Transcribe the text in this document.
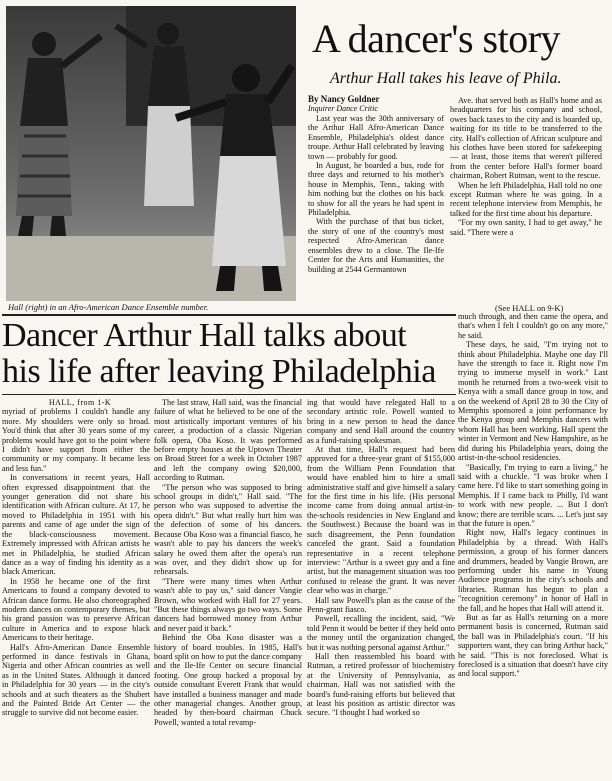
Hall (right) in an Afro-American Dance Ensemble number.
A dancer's story
Arthur Hall takes his leave of Phila.
By Nancy Goldner
Inquirer Dance Critic

Last year was the 30th anniversary of the Arthur Hall Afro-American Dance Ensemble, Philadelphia's oldest dance troupe. Arthur Hall celebrated by leaving town — probably for good.

In August, he boarded a bus, rode for three days and returned to his mother's house in Memphis, Tenn., taking with him nothing but the clothes on his back to show for all the years he had spent in Philadelphia.

With the purchase of that bus ticket, the story of one of the country's most respected Afro-American dance ensembles drew to a close. The Ile-Ife Center for the Arts and Humanities, the building at 2544 Germantown

Ave. that served both as Hall's home and as headquarters for his company and school, owes back taxes to the city and is boarded up, waiting for its title to be transferred to the city. Hall's collection of African sculpture and his clothes have been stored for safekeeping — at least, those items that weren't pilfered from the center before Hall's former board chairman, Robert Rutman, went to the rescue.

When he left Philadelphia, Hall told no one except Rutman where he was going. In a recent telephone interview from Memphis, he talked for the first time about his departure.

"For my own sanity, I had to get away," he said. "There were a

(See HALL on 9-K)
Dancer Arthur Hall talks about his life after leaving Philadelphia

HALL, from 1-K

myriad of problems I couldn't handle any more. My shoulders were only so broad. You'd think that after 30 years some of my problems would have got to the point where I didn't have support from either the community or my company. It became less and less fun."

In conversations in recent years, Hall often expressed disappointment that the younger generation did not share his identification with African culture. At 17, he moved to Philadelphia in 1951 with his parents and came of age under the sign of the black-consciousness movement. Extremely impressed with African artists he met in Philadelphia, he studied African dance as a way of finding his identity as a black American.

In 1958 he became one of the first Americans to found a company devoted to African dance forms. He also choreographed modern dances on contemporary themes, but his grand passion was to preserve African culture in America and to expose black Americans to their heritage.

Hall's Afro-American Dance Ensemble performed in dance festivals in Ghana, Nigeria and other African countries as well as in the United States. Although it danced in Philadelphia for 30 years — in the city's schools and at such theaters as the Shubert and the Painted Bride Art Center — the struggle to survive did not become easier.

The last straw, Hall said, was the financial failure of what he believed to be one of the most artistically important ventures of his career, a production of a classic Nigerian folk opera, Oba Koso. It was performed before empty houses at the Uptown Theater on Broad Street for a week in October 1987 and left the company owing $20,000, according to Rutman.

"The person who was supposed to bring school groups in didn't," Hall said. "The person who was supposed to advertise the opera didn't." But what really hurt him was the defection of some of his dancers. Because Oba Koso was a financial fiasco, he wasn't able to pay his dancers the week's salary he owed them after the opera's run was over, and they didn't show up for rehearsals.

"There were many times when Arthur wasn't able to pay us," said dancer Vangie Brown, who worked with Hall for 27 years. "But these things always go two ways. Some dancers had borrowed money from Arthur and never paid it back."

Behind the Oba Koso disaster was a history of board troubles. In 1985, Hall's board split on how to put the dance company and the Ile-Ife Center on secure financial footing. One group backed a proposal by outside consultant Everett Frank that would have installed a business manager and made other managerial changes. Another group, headed by then-board chairman Chuck Powell, wanted a total revamp-

ing that would have relegated Hall to a secondary artistic role. Powell wanted to bring in a new person to head the dance company and send Hall around the country as a fund-raising spokesman.

At that time, Hall's request had been approved for a three-year grant of $155,000 from the William Penn Foundation that would have enabled him to hire a small administrative staff and give himself a salary for the first time in his life. (His personal income came from doing annual artist-in-the-schools residencies in New England and the Southwest.) Because the board was in such disagreement, the Penn foundation canceled the grant. Said a foundation representative in a recent telephone interview: "Arthur is a sweet guy and a fine artist, but the management situation was too confused to release the grant. It was never clear who was in charge."

Hall saw Powell's plan as the cause of the Penn-grant fiasco.

Powell, recalling the incident, said, "We told Penn it would be better if they held onto the money until the organization changed, but it was nothing personal against Arthur."

Hall then reassembled his board with Rutman, a retired professor of biochemistry at the University of Pennsylvania, as chairman. Hall was not satisfied with the board's fund-raising efforts but believed that at least his position as artistic director was secure. "I thought I had worked so

much through, and then came the opera, and that's when I felt I couldn't go on any more," he said.

These days, he said, "I'm trying not to think about Philadelphia. Maybe one day I'll have the strength to face it. Right now I'm trying to immerse myself in work." Last month he returned from a two-week visit to Kenya with a small dance group in tow, and on the weekend of April 28 to 30 the City of Memphis sponsored a joint performance by the Kenya group and Memphis dancers with whom Hall has been working. Hall spent the winter in Vermont and New Hampshire, as he did during his Philadelphia years, doing the artist-in-the-school residencies.

"Basically, I'm trying to earn a living," he said with a chuckle. "I was broke when I came here. I'd like to start something going in Memphis. If I came back to Philly, I'd want to work with new people. ... But I don't know; there are terrible scars. ... Let's just say that the future is open."

Right now, Hall's legacy continues in Philadelphia by a thread. With Hall's permission, a group of his former dancers and drummers, headed by Vangie Brown, are performing under his name in Young Audience programs in the city's schools and libraries. Rutman has begun to plan a "recognition ceremony" in honor of Hall in the fall, and he hopes that Hall will attend it.

But as far as Hall's returning on a more permanent basis is concerned, Rutman said the ball was in Philadelphia's court. "If his supporters want, they can bring Arthur back," he said. "This is not foreclosed. What is foreclosed is a situation that doesn't have city and local support."
